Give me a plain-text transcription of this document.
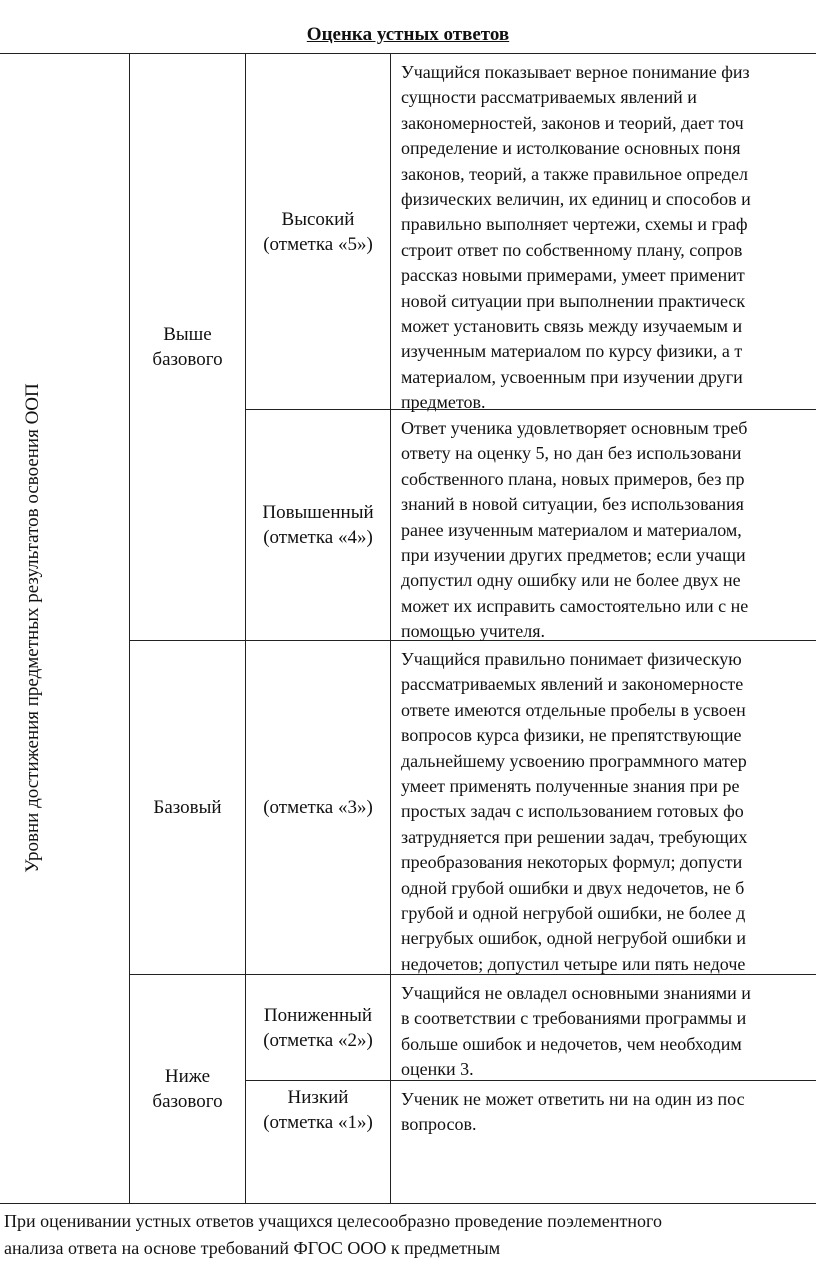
Оценка устных ответов
Уровни достижения предметных результатов освоения ООП
Выше базового
Базовый
Ниже базового
Высокий
(отметка «5»)
Повышенный
(отметка «4»)
(отметка «3»)
Пониженный
(отметка «2»)
Низкий
(отметка «1»)
Учащийся показывает верное понимание физ
сущности рассматриваемых явлений и
закономерностей, законов и теорий, дает точ
определение и истолкование основных поня
законов, теорий, а также правильное определ
физических величин, их единиц и способов и
правильно выполняет чертежи, схемы и граф
строит ответ по собственному плану, сопров
рассказ новыми примерами, умеет применит
новой ситуации при выполнении практическ
может установить связь между изучаемым и
изученным материалом по курсу физики, а т
материалом, усвоенным при изучении други
предметов.
Ответ ученика удовлетворяет основным треб
ответу на оценку 5, но дан без использовани
собственного плана, новых примеров, без пр
знаний в новой ситуации, без использования
ранее изученным материалом и материалом,
при изучении других предметов; если учащи
допустил одну ошибку или не более двух не
может их исправить самостоятельно или с не
помощью учителя.
Учащийся правильно понимает физическую
рассматриваемых явлений и закономерносте
ответе имеются отдельные пробелы в усвоен
вопросов курса физики, не препятствующие
дальнейшему усвоению программного матер
умеет применять полученные знания при ре
простых задач с использованием готовых фо
затрудняется при решении задач, требующих
преобразования некоторых формул; допусти
одной грубой ошибки и двух недочетов, не б
грубой и одной негрубой ошибки, не более д
негрубых ошибок, одной негрубой ошибки и
недочетов; допустил четыре или пять недоче
Учащийся не овладел основными знаниями и
в соответствии с требованиями программы и
больше ошибок и недочетов, чем необходим
оценки 3.
Ученик не может ответить ни на один из пос
вопросов.
При оценивании устных ответов учащихся целесообразно проведение поэлементного
анализа ответа на основе требований ФГОС ООО к предметным
